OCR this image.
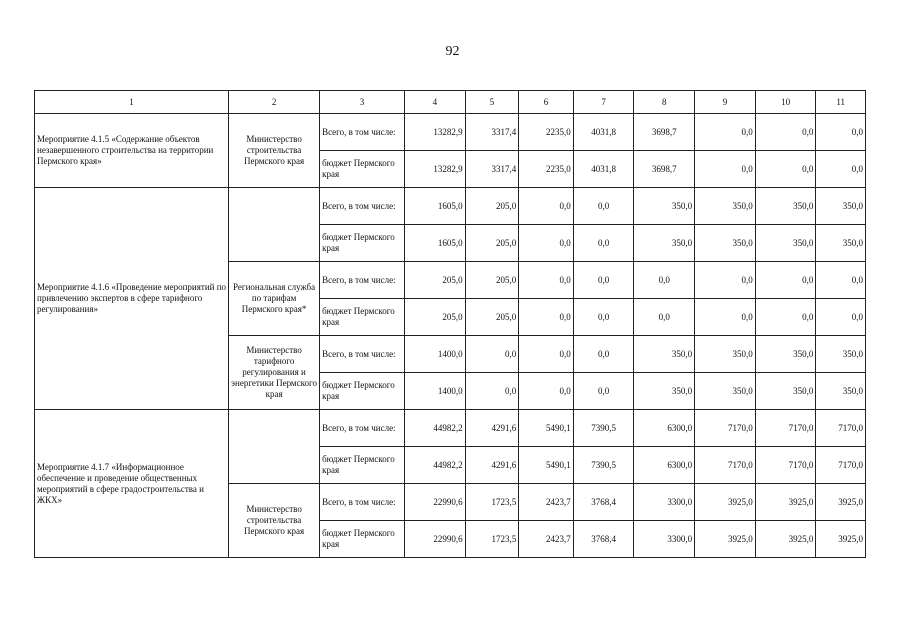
92
1	2	3	4	5	6	7	8	9	10	11
Мероприятие 4.1.5 «Содержание объектов незавершенного строительства на территории Пермского края»	Министерство строительства Пермского края	Всего, в том числе:	13282,9	3317,4	2235,0	4031,8	3698,7	0,0	0,0	0,0
		бюджет Пермского края	13282,9	3317,4	2235,0	4031,8	3698,7	0,0	0,0	0,0
Мероприятие 4.1.6 «Проведение мероприятий по привлечению экспертов в сфере тарифного регулирования»		Всего, в том числе:	1605,0	205,0	0,0	0,0	350,0	350,0	350,0	350,0
		бюджет Пермского края	1605,0	205,0	0,0	0,0	350,0	350,0	350,0	350,0
	Региональная служба по тарифам Пермского края*	Всего, в том числе:	205,0	205,0	0,0	0,0	0,0	0,0	0,0	0,0
		бюджет Пермского края	205,0	205,0	0,0	0,0	0,0	0,0	0,0	0,0
	Министерство тарифного регулирования и энергетики Пермского края	Всего, в том числе:	1400,0	0,0	0,0	0,0	350,0	350,0	350,0	350,0
		бюджет Пермского края	1400,0	0,0	0,0	0,0	350,0	350,0	350,0	350,0
Мероприятие 4.1.7 «Информационное обеспечение и проведение общественных мероприятий в сфере градостроительства и ЖКХ»		Всего, в том числе:	44982,2	4291,6	5490,1	7390,5	6300,0	7170,0	7170,0	7170,0
		бюджет Пермского края	44982,2	4291,6	5490,1	7390,5	6300,0	7170,0	7170,0	7170,0
	Министерство строительства Пермского края	Всего, в том числе:	22990,6	1723,5	2423,7	3768,4	3300,0	3925,0	3925,0	3925,0
		бюджет Пермского края	22990,6	1723,5	2423,7	3768,4	3300,0	3925,0	3925,0	3925,0
